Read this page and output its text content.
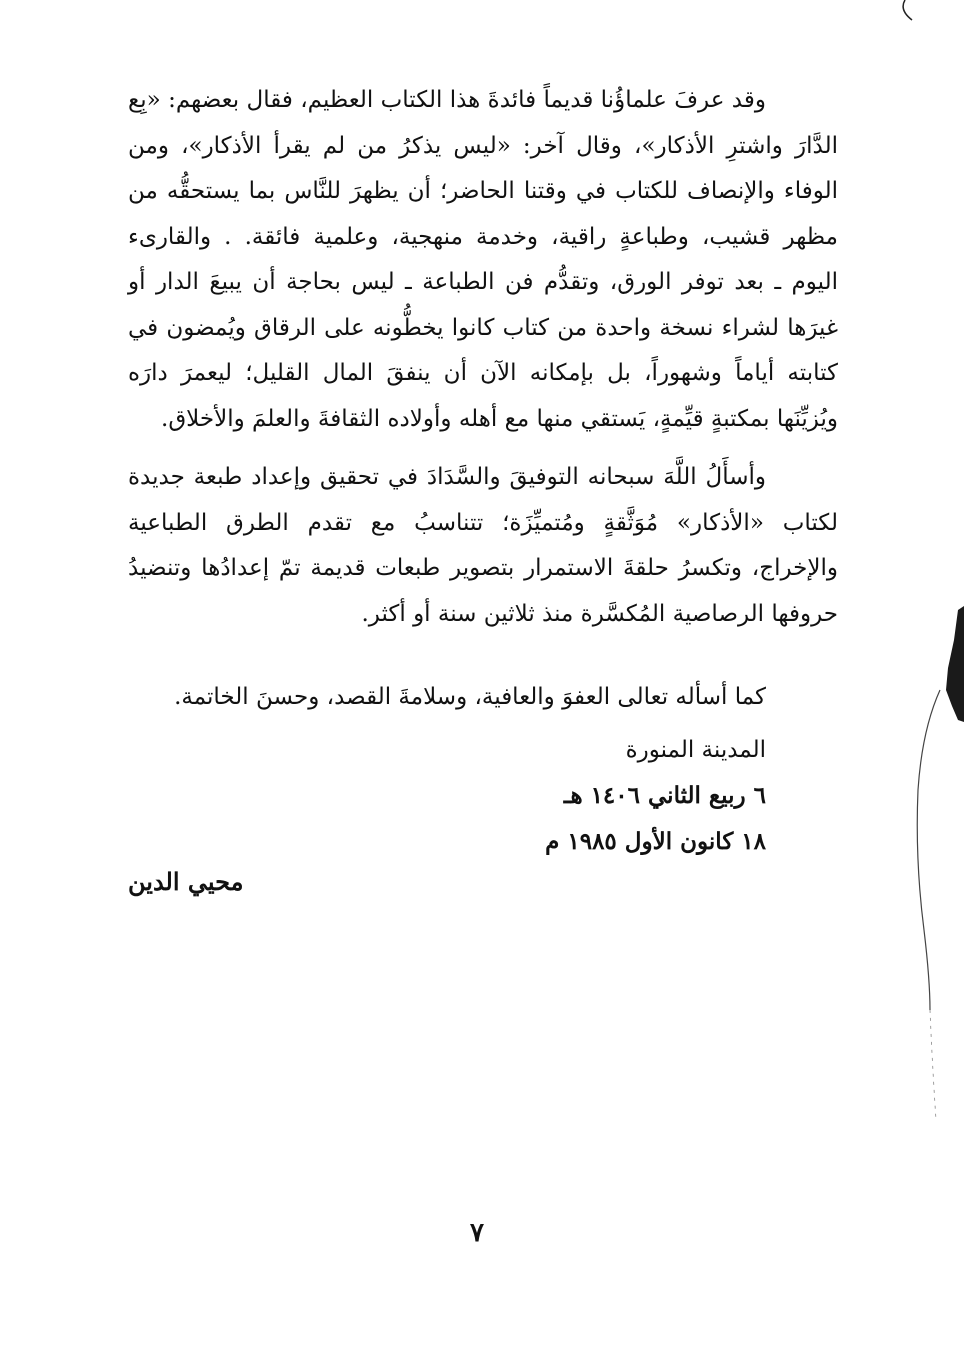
وقد عرفَ علماؤُنا قديماً فائدةَ هذا الكتاب العظيم، فقال بعضهم: «بِع الدَّارَ واشترِ الأذكار»، وقال آخر: «ليس يذكرُ من لم يقرأ الأذكار»، ومن الوفاء والإنصاف للكتاب في وقتنا الحاضر؛ أن يظهرَ للنَّاس بما يستحقُّه من مظهر قشيب، وطباعةٍ راقية، وخدمة منهجية، وعلمية فائقة. . والقارىء اليوم ـ بعد توفر الورق، وتقدُّم فن الطباعة ـ ليس بحاجة أن يبيعَ الدار أو غيرَها لشراء نسخة واحدة من كتاب كانوا يخطُّونه على الرقاق ويُمضون في كتابته أياماً وشهوراً، بل بإمكانه الآن أن ينفقَ المال القليل؛ ليعمرَ دارَه ويُزيِّنَها بمكتبةٍ قيِّمةٍ، يَستقي منها مع أهله وأولاده الثقافةَ والعلمَ والأخلاق.

وأسأَلُ اللَّهَ سبحانه التوفيقَ والسَّدَادَ في تحقيق وإعداد طبعة جديدة لكتاب «الأذكار» مُوَثَّقةٍ ومُتميِّزَة؛ تتناسبُ مع تقدم الطرق الطباعية والإخراج، وتكسرُ حلقةَ الاستمرار بتصوير طبعات قديمة تمّ إعدادُها وتنضيدُ حروفها الرصاصية المُكسَّرة منذ ثلاثين سنة أو أكثر.

كما أسأله تعالى العفوَ والعافية، وسلامةَ القصد، وحسنَ الخاتمة.

المدينة المنورة
٦ ربيع الثاني ١٤٠٦ هـ
١٨ كانون الأول ١٩٨٥ م
محيي الدين
٧
